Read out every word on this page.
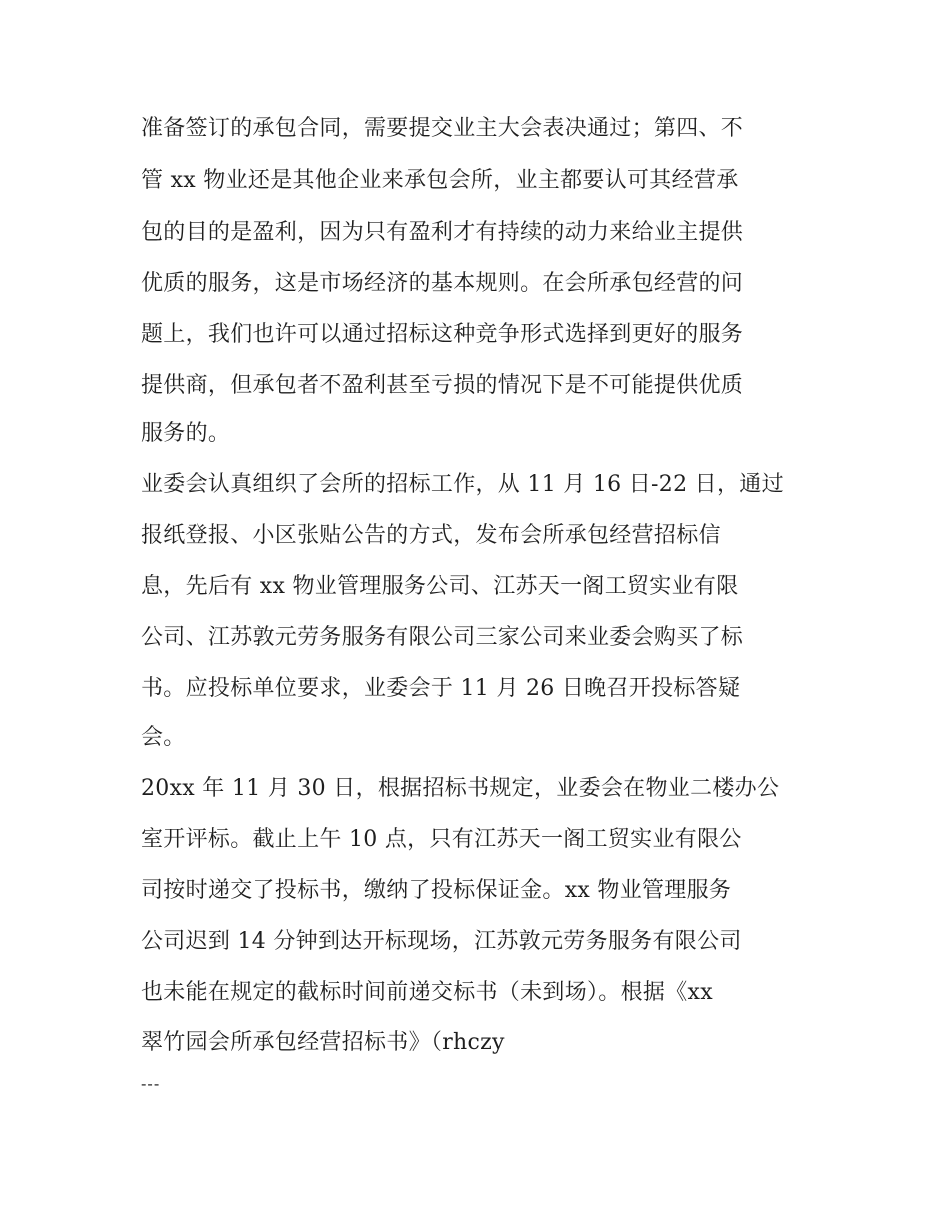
准备签订的承包合同，需要提交业主大会表决通过；第四、不
管 xx 物业还是其他企业来承包会所，业主都要认可其经营承
包的目的是盈利，因为只有盈利才有持续的动力来给业主提供
优质的服务，这是市场经济的基本规则。在会所承包经营的问
题上，我们也许可以通过招标这种竞争形式选择到更好的服务
提供商，但承包者不盈利甚至亏损的情况下是不可能提供优质
服务的。
业委会认真组织了会所的招标工作，从 11 月 16 日-22 日，通过
报纸登报、小区张贴公告的方式，发布会所承包经营招标信
息，先后有 xx 物业管理服务公司、江苏天一阁工贸实业有限
公司、江苏敦元劳务服务有限公司三家公司来业委会购买了标
书。应投标单位要求，业委会于 11 月 26 日晚召开投标答疑
会。
20xx 年 11 月 30 日，根据招标书规定，业委会在物业二楼办公
室开评标。截止上午 10 点，只有江苏天一阁工贸实业有限公
司按时递交了投标书，缴纳了投标保证金。xx 物业管理服务
公司迟到 14 分钟到达开标现场，江苏敦元劳务服务有限公司
也未能在规定的截标时间前递交标书（未到场）。根据《xx
翠竹园会所承包经营招标书》（rhczy
---
